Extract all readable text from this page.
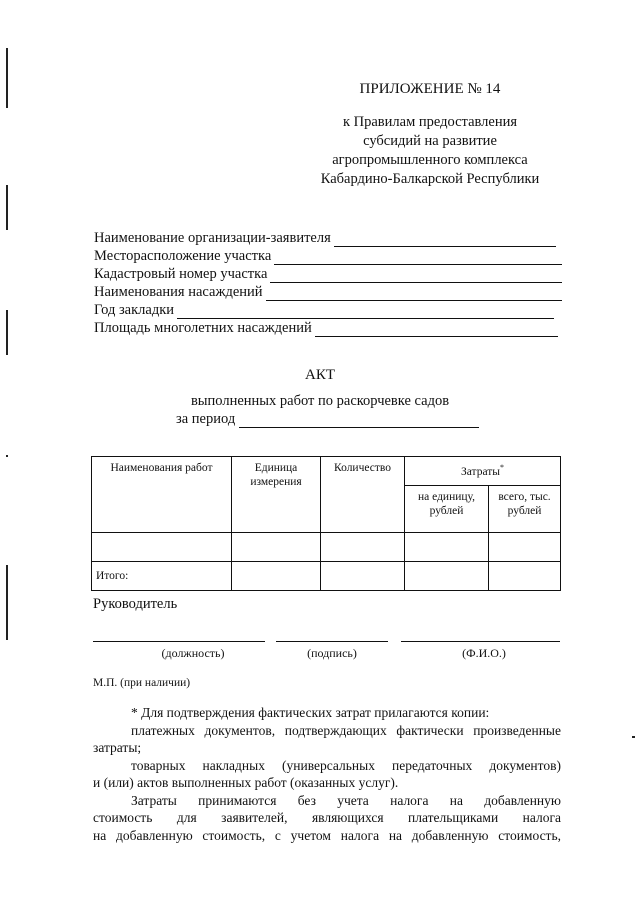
ПРИЛОЖЕНИЕ № 14
к Правилам предоставления
субсидий на развитие
агропромышленного комплекса
Кабардино-Балкарской Республики
Наименование организации-заявителя
Месторасположение участка
Кадастровый номер участка
Наименования насаждений
Год закладки
Площадь многолетних насаждений
АКТ
выполненных работ по раскорчевке садов
за период
Наименования работ	Единица измерения	Количество	Затраты*
			на единицу, рублей	всего, тыс. рублей

Итого:				
Руководитель
(должность)	(подпись)	(Ф.И.О.)
М.П. (при наличии)

* Для подтверждения фактических затрат прилагаются копии:

платежных документов, подтверждающих фактически произведенные

затраты;

товарных накладных (универсальных передаточных документов)

и (или) актов выполненных работ (оказанных услуг).

Затраты принимаются без учета налога на добавленную

стоимость для заявителей, являющихся плательщиками налога

на добавленную стоимость, с учетом налога на добавленную стоимость,
